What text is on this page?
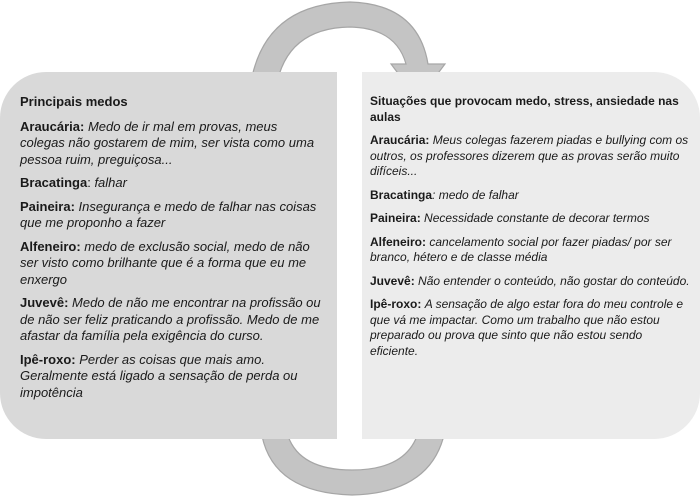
Principais medos
Araucária: Medo de ir mal em provas, meus colegas não gostarem de mim, ser vista como uma pessoa ruim, preguiçosa...
Bracatinga: falhar
Paineira: Insegurança e medo de falhar nas coisas que me proponho a fazer
Alfeneiro: medo de exclusão social, medo de não ser visto como brilhante que é a forma que eu me enxergo
Juvevê: Medo de não me encontrar na profissão ou de não ser feliz praticando a profissão. Medo de me afastar da família pela exigência do curso.
Ipê-roxo: Perder as coisas que mais amo. Geralmente está ligado a sensação de perda ou impotência
Situações que provocam medo, stress, ansiedade nas aulas
Araucária: Meus colegas fazerem piadas e bullying com os outros, os professores dizerem que as provas serão muito difíceis...
Bracatinga: medo de falhar
Paineira: Necessidade constante de decorar termos
Alfeneiro: cancelamento social por fazer piadas/ por ser branco, hétero e de classe média
Juvevê: Não entender o conteúdo, não gostar do conteúdo.
Ipê-roxo: A sensação de algo estar fora do meu controle e que vá me impactar. Como um trabalho que não estou preparado ou prova que sinto que não estou sendo eficiente.
